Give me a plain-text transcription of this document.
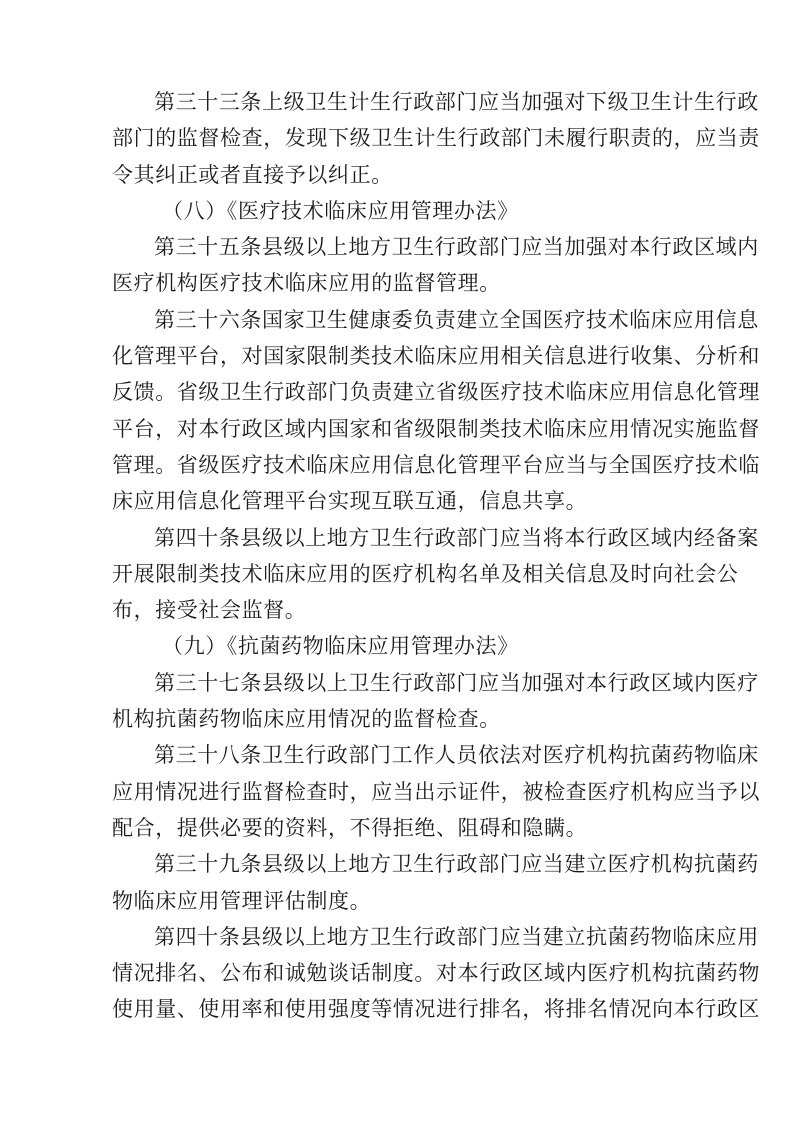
第三十三条上级卫生计生行政部门应当加强对下级卫生计生行政
部门的监督检查，发现下级卫生计生行政部门未履行职责的，应当责
令其纠正或者直接予以纠正。
（八）《医疗技术临床应用管理办法》
第三十五条县级以上地方卫生行政部门应当加强对本行政区域内
医疗机构医疗技术临床应用的监督管理。
第三十六条国家卫生健康委负责建立全国医疗技术临床应用信息
化管理平台，对国家限制类技术临床应用相关信息进行收集、分析和
反馈。省级卫生行政部门负责建立省级医疗技术临床应用信息化管理
平台，对本行政区域内国家和省级限制类技术临床应用情况实施监督
管理。省级医疗技术临床应用信息化管理平台应当与全国医疗技术临
床应用信息化管理平台实现互联互通，信息共享。
第四十条县级以上地方卫生行政部门应当将本行政区域内经备案
开展限制类技术临床应用的医疗机构名单及相关信息及时向社会公
布，接受社会监督。
（九）《抗菌药物临床应用管理办法》
第三十七条县级以上卫生行政部门应当加强对本行政区域内医疗
机构抗菌药物临床应用情况的监督检查。
第三十八条卫生行政部门工作人员依法对医疗机构抗菌药物临床
应用情况进行监督检查时，应当出示证件，被检查医疗机构应当予以
配合，提供必要的资料，不得拒绝、阻碍和隐瞒。
第三十九条县级以上地方卫生行政部门应当建立医疗机构抗菌药
物临床应用管理评估制度。
第四十条县级以上地方卫生行政部门应当建立抗菌药物临床应用
情况排名、公布和诚勉谈话制度。对本行政区域内医疗机构抗菌药物
使用量、使用率和使用强度等情况进行排名，将排名情况向本行政区
